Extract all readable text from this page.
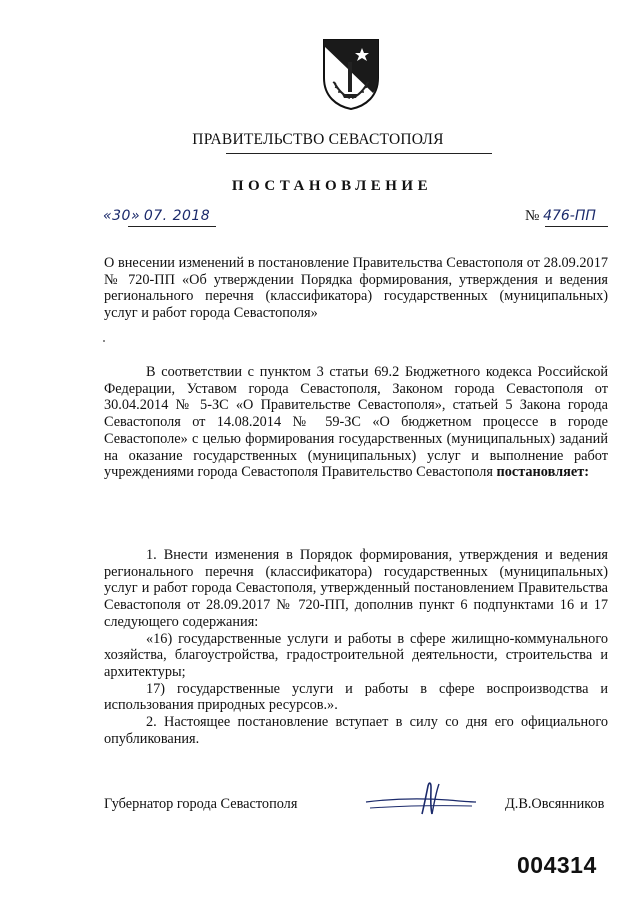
ПРАВИТЕЛЬСТВО СЕВАСТОПОЛЯ
ПОСТАНОВЛЕНИЕ
«30» 07. 2018	№ 476-ПП

О внесении изменений в постановление Правительства Севастополя от 28.09.2017 № 720-ПП «Об утверждении Порядка формирования, утверждения и ведения регионального перечня (классификатора) государственных (муниципальных) услуг и работ города Севастополя»

В соответствии с пунктом 3 статьи 69.2 Бюджетного кодекса Российской Федерации, Уставом города Севастополя, Законом города Севастополя от 30.04.2014 № 5-ЗС «О Правительстве Севастополя», статьей 5 Закона города Севастополя от 14.08.2014 № 59-ЗС «О бюджетном процессе в городе Севастополе» с целью формирования государственных (муниципальных) заданий на оказание государственных (муниципальных) услуг и выполнение работ учреждениями города Севастополя Правительство Севастополя постановляет:

1. Внести изменения в Порядок формирования, утверждения и ведения регионального перечня (классификатора) государственных (муниципальных) услуг и работ города Севастополя, утвержденный постановлением Правительства Севастополя от 28.09.2017 № 720-ПП, дополнив пункт 6 подпунктами 16 и 17 следующего содержания:

«16) государственные услуги и работы в сфере жилищно-коммунального хозяйства, благоустройства, градостроительной деятельности, строительства и архитектуры;

17) государственные услуги и работы в сфере воспроизводства и использования природных ресурсов.».

2. Настоящее постановление вступает в силу со дня его официального опубликования.

Губернатор города Севастополя	Д.В.Овсянников
004314
